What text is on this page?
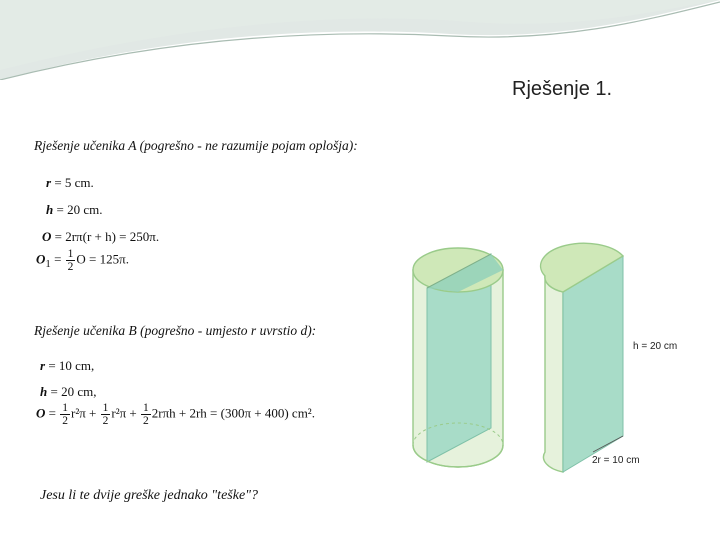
Rješenje 1.
Rješenje učenika A (pogrešno - ne razumije pojam oplošja):
r = 5 cm.
h = 20 cm.
O = 2rπ(r + h) = 250π.
$O_1 = \frac{1}{2}$ O = 125π.
Rješenje učenika B (pogrešno - umjesto r uvrstio d):
r = 10 cm,
h = 20 cm,
$O = \frac{1}{2} r^2\pi + \frac{1}{2} r^2\pi + \frac{1}{2} 2r\pi h + 2rh = (300\pi + 400)$ cm².
Jesu li te dvije greške jednako "teške"?
h = 20 cm
2r = 10 cm
